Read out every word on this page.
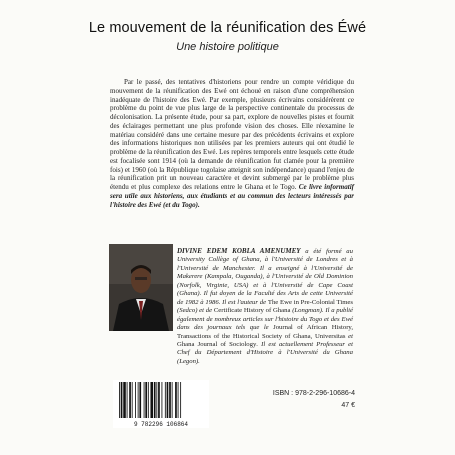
Le mouvement de la réunification des Éwé
Une histoire politique

Par le passé, des tentatives d'historiens pour rendre un compte véridique du mouvement de la réunification des Ewé ont échoué en raison d'une compréhension inadéquate de l'histoire des Ewé. Par exemple, plusieurs écrivains considérèrent ce problème du point de vue plus large de la perspective continentale du processus de décolonisation. La présente étude, pour sa part, explore de nouvelles pistes et fournit des éclairages permettant une plus profonde vision des choses. Elle réexamine le matériau considéré dans une certaine mesure par des précédents écrivains et explore des informations historiques non utilisées par les premiers auteurs qui ont étudié le problème de la réunification des Ewé. Les repères temporels entre lesquels cette étude est focalisée sont 1914 (où la demande de réunification fut clamée pour la première fois) et 1960 (où la République togolaise atteignit son indépendance) quand l'enjeu de la réunification prit un nouveau caractère et devint submergé par le problème plus étendu et plus complexe des relations entre le Ghana et le Togo. Ce livre informatif sera utile aux historiens, aux étudiants et au commun des lecteurs intéressés par l'histoire des Ewé (et du Togo).

DIVINE EDEM KOBLA AMENUMEY a été formé au University Collège of Ghana, à l'Université de Londres et à l'Université de Manchester. Il a enseigné à l'Université de Makerere (Kampala, Ouganda), à l'Université de Old Dominion (Norfolk, Virginie, USA) et à l'Université de Cape Coast (Ghana). Il fut doyen de la Faculté des Arts de cette Université de 1982 à 1986. Il est l'auteur de The Ewe in Pre-Colonial Times (Sedco) et de Certificate History of Ghana (Longman). Il a publié également de nombreux articles sur l'histoire du Togo et des Ewé dans des journaux tels que le Journal of African History, Transactions of the Historical Society of Ghana, Universitas et Ghana Journal of Sociology. Il est actuellement Professeur et Chef du Département d'Histoire à l'Université du Ghana (Legon).
9 782296 106864
ISBN : 978-2-296-10686-4
47 €
